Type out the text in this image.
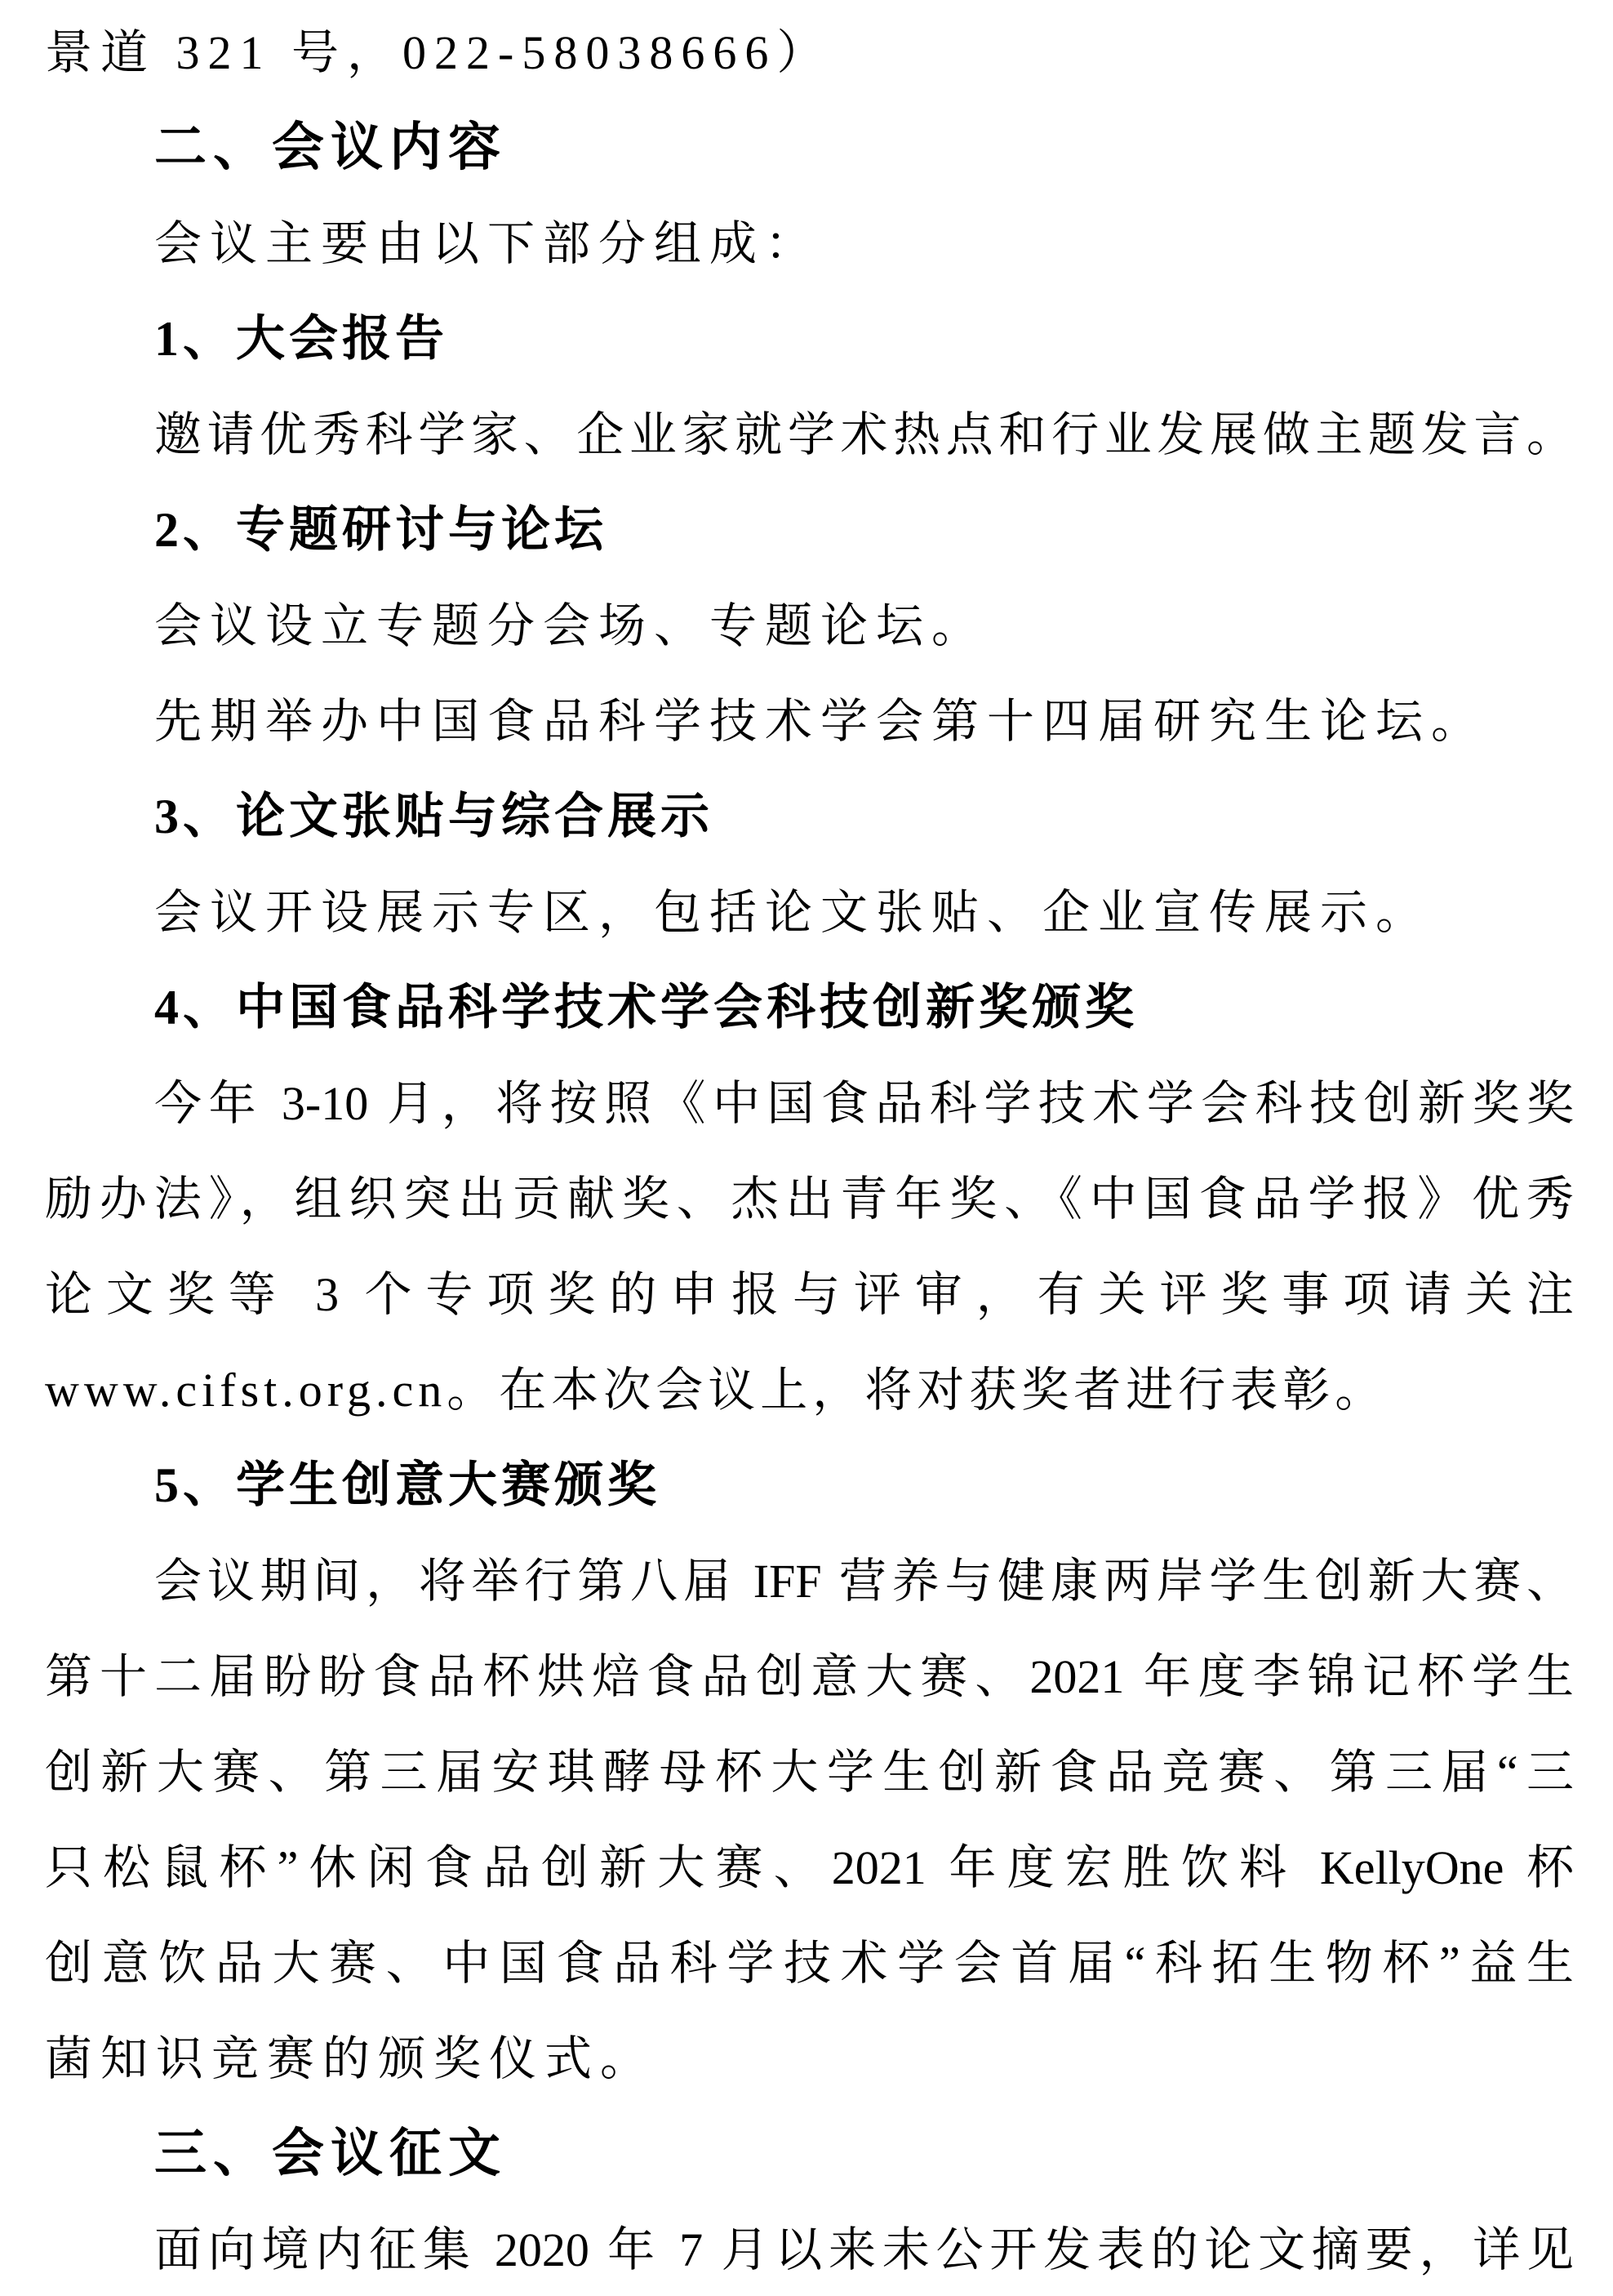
景道 321 号，022-58038666）
二、会议内容
会议主要由以下部分组成：
1、大会报告
邀请优秀科学家、企业家就学术热点和行业发展做主题发言。
2、专题研讨与论坛
会议设立专题分会场、专题论坛。
先期举办中国食品科学技术学会第十四届研究生论坛。
3、论文张贴与综合展示
会议开设展示专区，包括论文张贴、企业宣传展示。
4、中国食品科学技术学会科技创新奖颁奖
今年 3-10 月，将按照《中国食品科学技术学会科技创新奖奖
励办法》，组织突出贡献奖、杰出青年奖、《中国食品学报》优秀
论文奖等 3 个专项奖的申报与评审，有关评奖事项请关注
www.cifst.org.cn。在本次会议上，将对获奖者进行表彰。
5、学生创意大赛颁奖
会议期间，将举行第八届 IFF 营养与健康两岸学生创新大赛、
第十二届盼盼食品杯烘焙食品创意大赛、2021 年度李锦记杯学生
创新大赛、第三届安琪酵母杯大学生创新食品竞赛、第三届“三
只松鼠杯”休闲食品创新大赛、2021 年度宏胜饮料 KellyOne 杯
创意饮品大赛、中国食品科学技术学会首届“科拓生物杯”益生
菌知识竞赛的颁奖仪式。
三、会议征文
面向境内征集 2020 年 7 月以来未公开发表的论文摘要，详见
